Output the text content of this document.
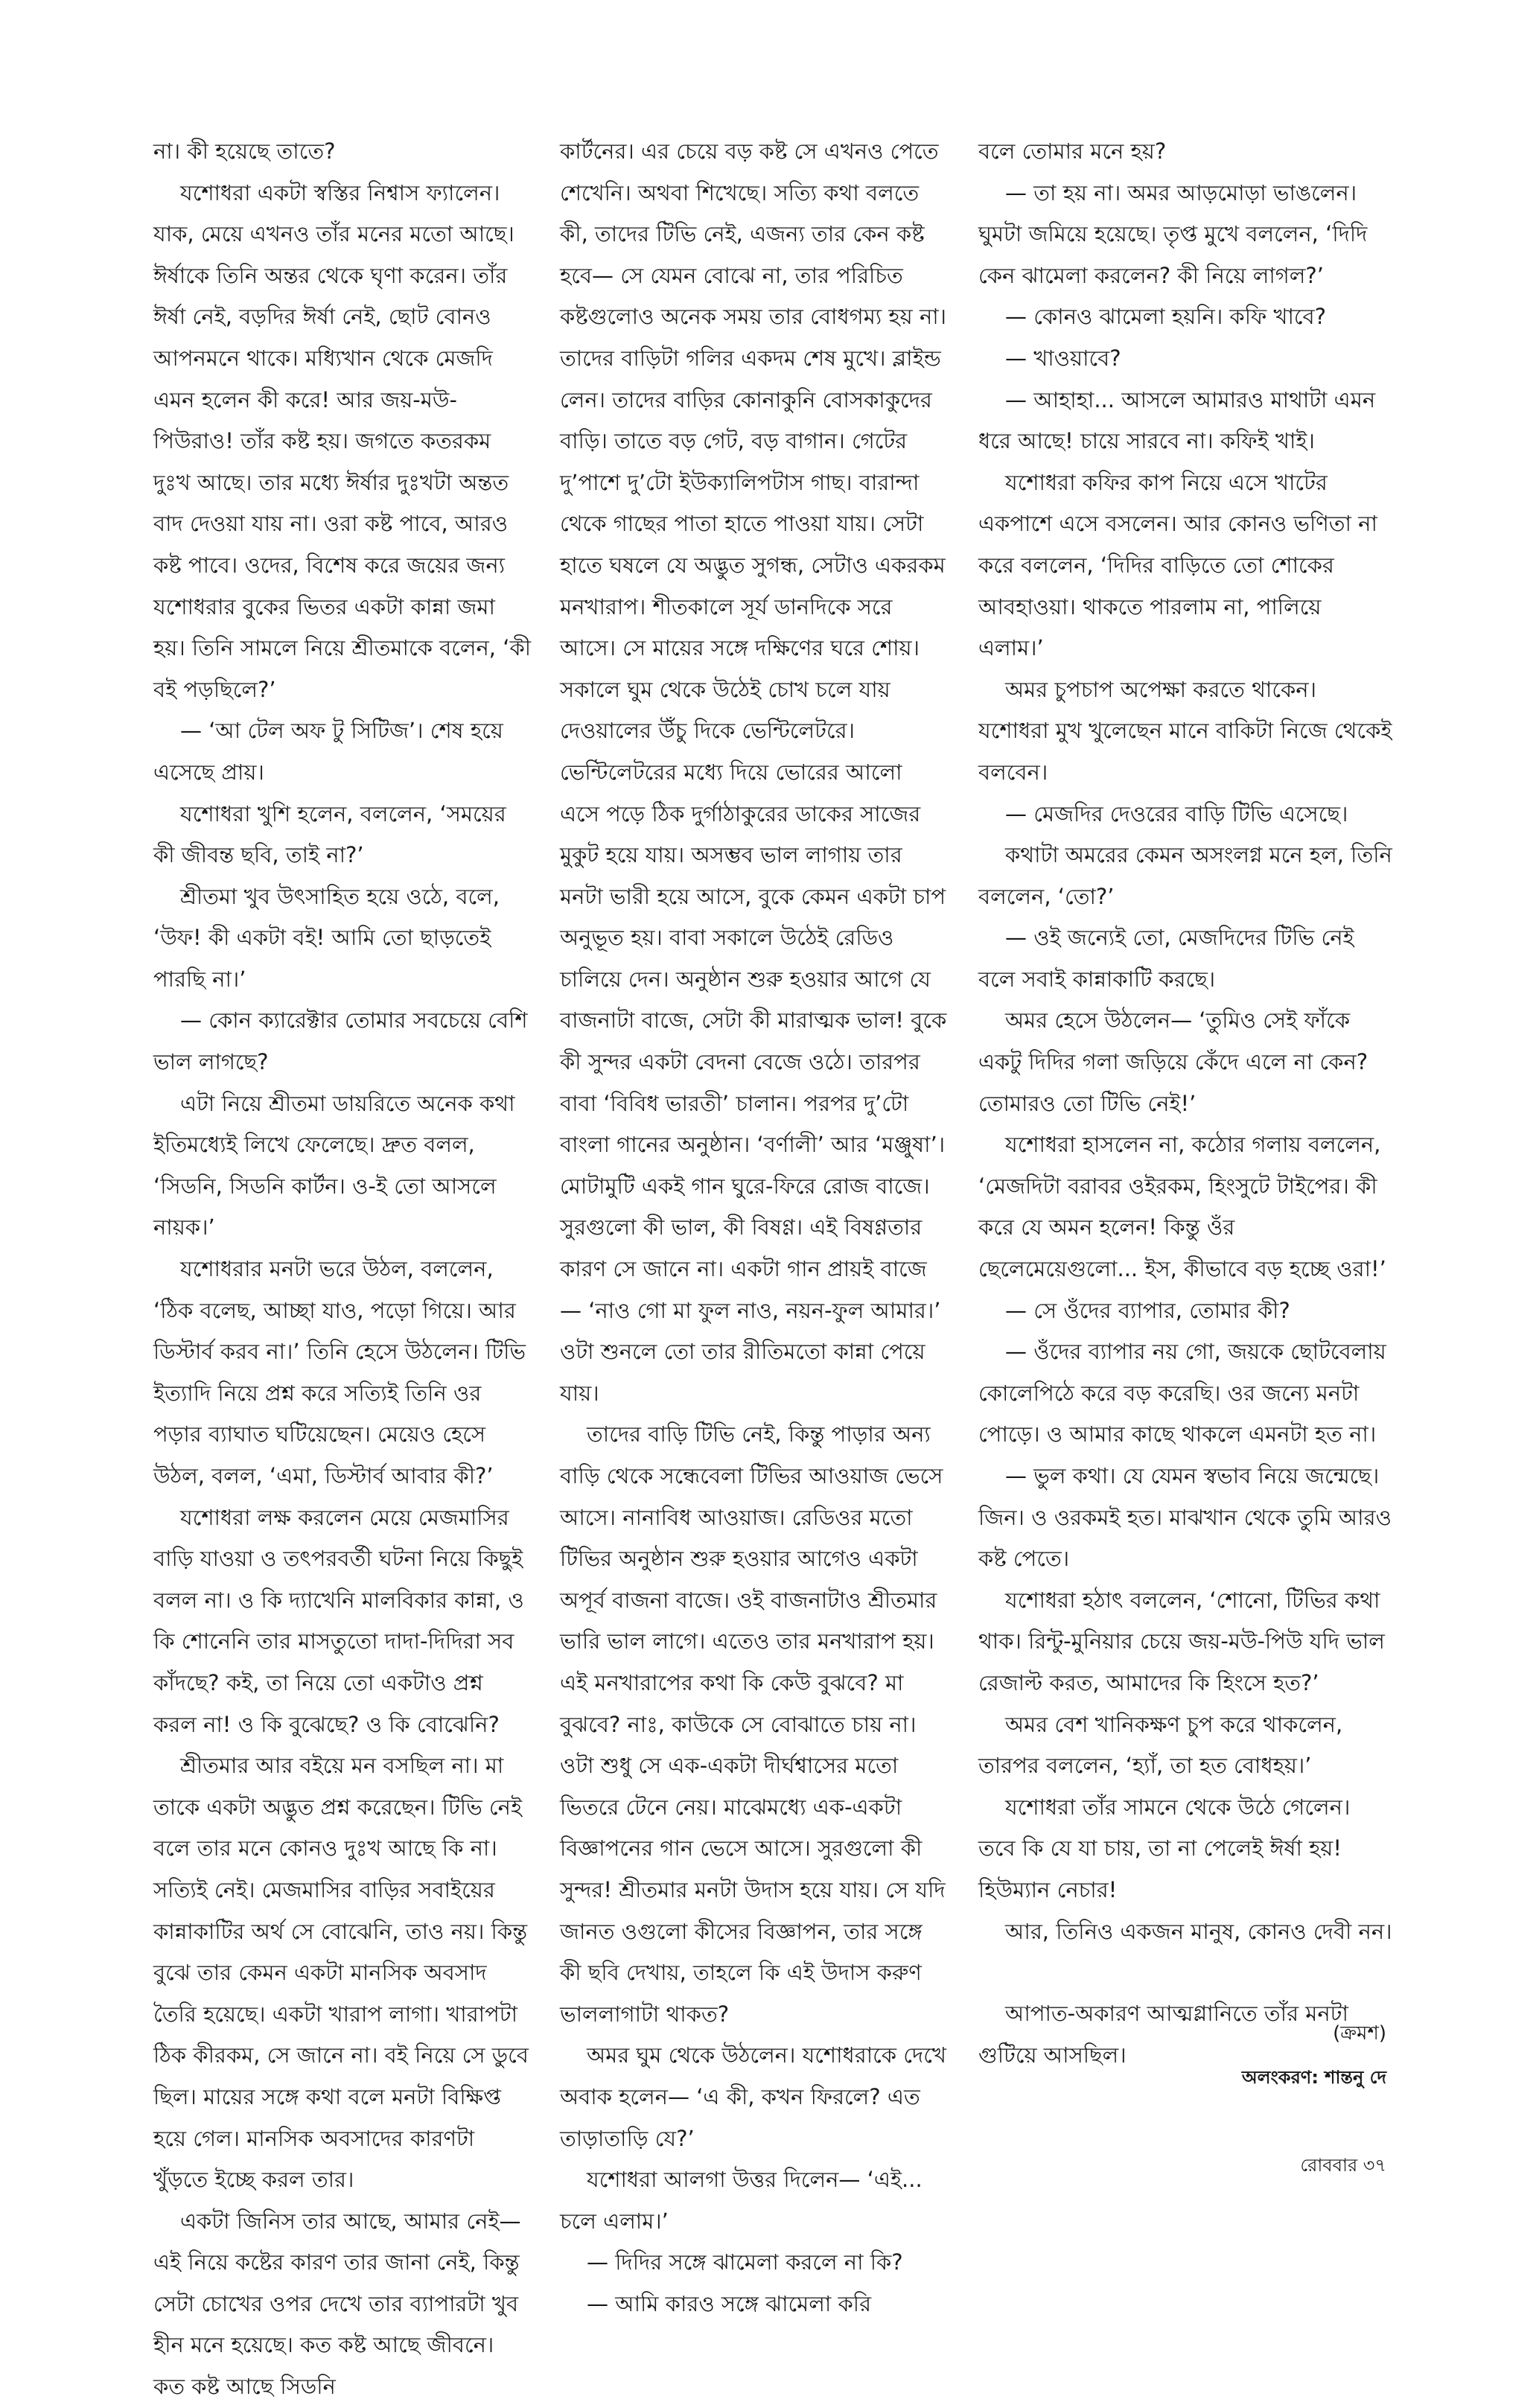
না। কী হয়েছে তাতে?

যশোধরা একটা স্বস্তির নিশ্বাস ফ্যালেন। যাক, মেয়ে এখনও তাঁর মনের মতো আছে। ঈর্ষাকে তিনি অন্তর থেকে ঘৃণা করেন। তাঁর ঈর্ষা নেই, বড়দির ঈর্ষা নেই, ছোট বোনও আপনমনে থাকে। মধ্যিখান থেকে মেজদি এমন হলেন কী করে! আর জয়-মউ-পিউরাও! তাঁর কষ্ট হয়। জগতে কতরকম দুঃখ আছে। তার মধ্যে ঈর্ষার দুঃখটা অন্তত বাদ দেওয়া যায় না। ওরা কষ্ট পাবে, আরও কষ্ট পাবে। ওদের, বিশেষ করে জয়ের জন্য যশোধরার বুকের ভিতর একটা কান্না জমা হয়। তিনি সামলে নিয়ে শ্রীতমাকে বলেন, ‘কী বই পড়ছিলে?’

— ‘আ টেল অফ টু সিটিজ’। শেষ হয়ে এসেছে প্রায়।

যশোধরা খুশি হলেন, বললেন, ‘সময়ের কী জীবন্ত ছবি, তাই না?’

শ্রীতমা খুব উৎসাহিত হয়ে ওঠে, বলে, ‘উফ! কী একটা বই! আমি তো ছাড়তেই পারছি না।’

— কোন ক্যারেক্টার তোমার সবচেয়ে বেশি ভাল লাগছে?

এটা নিয়ে শ্রীতমা ডায়রিতে অনেক কথা ইতিমধ্যেই লিখে ফেলেছে। দ্রুত বলল, ‘সিডনি, সিডনি কার্টন। ও-ই তো আসলে নায়ক।’

যশোধরার মনটা ভরে উঠল, বললেন, ‘ঠিক বলেছ, আচ্ছা যাও, পড়ো গিয়ে। আর ডিস্টার্ব করব না।’ তিনি হেসে উঠলেন। টিভি ইত্যাদি নিয়ে প্রশ্ন করে সত্যিই তিনি ওর পড়ার ব্যাঘাত ঘটিয়েছেন। মেয়েও হেসে উঠল, বলল, ‘এমা, ডিস্টার্ব আবার কী?’

যশোধরা লক্ষ করলেন মেয়ে মেজমাসির বাড়ি যাওয়া ও তৎপরবর্তী ঘটনা নিয়ে কিছুই বলল না। ও কি দ্যাখেনি মালবিকার কান্না, ও কি শোনেনি তার মাসতুতো দাদা-দিদিরা সব কাঁদছে? কই, তা নিয়ে তো একটাও প্রশ্ন করল না! ও কি বুঝেছে? ও কি বোঝেনি?

শ্রীতমার আর বইয়ে মন বসছিল না। মা তাকে একটা অদ্ভুত প্রশ্ন করেছেন। টিভি নেই বলে তার মনে কোনও দুঃখ আছে কি না। সত্যিই নেই। মেজমাসির বাড়ির সবাইয়ের কান্নাকাটির অর্থ সে বোঝেনি, তাও নয়। কিন্তু বুঝে তার কেমন একটা মানসিক অবসাদ তৈরি হয়েছে। একটা খারাপ লাগা। খারাপটা ঠিক কীরকম, সে জানে না। বই নিয়ে সে ডুবে ছিল। মায়ের সঙ্গে কথা বলে মনটা বিক্ষিপ্ত হয়ে গেল। মানসিক অবসাদের কারণটা খুঁড়তে ইচ্ছে করল তার।

একটা জিনিস তার আছে, আমার নেই— এই নিয়ে কষ্টের কারণ তার জানা নেই, কিন্তু সেটা চোখের ওপর দেখে তার ব্যাপারটা খুব হীন মনে হয়েছে। কত কষ্ট আছে জীবনে। কত কষ্ট আছে সিডনি

কার্টনের। এর চেয়ে বড় কষ্ট সে এখনও পেতে শেখেনি। অথবা শিখেছে। সত্যি কথা বলতে কী, তাদের টিভি নেই, এজন্য তার কেন কষ্ট হবে— সে যেমন বোঝে না, তার পরিচিত কষ্টগুলোও অনেক সময় তার বোধগম্য হয় না। তাদের বাড়িটা গলির একদম শেষ মুখে। ব্লাইন্ড লেন। তাদের বাড়ির কোনাকুনি বোসকাকুদের বাড়ি। তাতে বড় গেট, বড় বাগান। গেটের দু’পাশে দু’টো ইউক্যালিপটাস গাছ। বারান্দা থেকে গাছের পাতা হাতে পাওয়া যায়। সেটা হাতে ঘষলে যে অদ্ভুত সুগন্ধ, সেটাও একরকম মনখারাপ। শীতকালে সূর্য ডানদিকে সরে আসে। সে মায়ের সঙ্গে দক্ষিণের ঘরে শোয়। সকালে ঘুম থেকে উঠেই চোখ চলে যায় দেওয়ালের উঁচু দিকে ভেন্টিলেটরে। ভেন্টিলেটরের মধ্যে দিয়ে ভোরের আলো এসে পড়ে ঠিক দুর্গাঠাকুরের ডাকের সাজের মুকুট হয়ে যায়। অসম্ভব ভাল লাগায় তার মনটা ভারী হয়ে আসে, বুকে কেমন একটা চাপ অনুভূত হয়। বাবা সকালে উঠেই রেডিও চালিয়ে দেন। অনুষ্ঠান শুরু হওয়ার আগে যে বাজনাটা বাজে, সেটা কী মারাত্মক ভাল! বুকে কী সুন্দর একটা বেদনা বেজে ওঠে। তারপর বাবা ‘বিবিধ ভারতী’ চালান। পরপর দু’টো বাংলা গানের অনুষ্ঠান। ‘বর্ণালী’ আর ‘মঞ্জুষা’। মোটামুটি একই গান ঘুরে-ফিরে রোজ বাজে। সুরগুলো কী ভাল, কী বিষণ্ণ। এই বিষণ্ণতার কারণ সে জানে না। একটা গান প্রায়ই বাজে— ‘নাও গো মা ফুল নাও, নয়ন-ফুল আমার।’ ওটা শুনলে তো তার রীতিমতো কান্না পেয়ে যায়।

তাদের বাড়ি টিভি নেই, কিন্তু পাড়ার অন্য বাড়ি থেকে সন্ধেবেলা টিভির আওয়াজ ভেসে আসে। নানাবিধ আওয়াজ। রেডিওর মতো টিভির অনুষ্ঠান শুরু হওয়ার আগেও একটা অপূর্ব বাজনা বাজে। ওই বাজনাটাও শ্রীতমার ভারি ভাল লাগে। এতেও তার মনখারাপ হয়। এই মনখারাপের কথা কি কেউ বুঝবে? মা বুঝবে? নাঃ, কাউকে সে বোঝাতে চায় না। ওটা শুধু সে এক-একটা দীর্ঘশ্বাসের মতো ভিতরে টেনে নেয়। মাঝেমধ্যে এক-একটা বিজ্ঞাপনের গান ভেসে আসে। সুরগুলো কী সুন্দর! শ্রীতমার মনটা উদাস হয়ে যায়। সে যদি জানত ওগুলো কীসের বিজ্ঞাপন, তার সঙ্গে কী ছবি দেখায়, তাহলে কি এই উদাস করুণ ভাললাগাটা থাকত?

অমর ঘুম থেকে উঠলেন। যশোধরাকে দেখে অবাক হলেন— ‘এ কী, কখন ফিরলে? এত তাড়াতাড়ি যে?’

যশোধরা আলগা উত্তর দিলেন— ‘এই... চলে এলাম।’

— দিদির সঙ্গে ঝামেলা করলে না কি?

— আমি কারও সঙ্গে ঝামেলা করি

বলে তোমার মনে হয়?

— তা হয় না। অমর আড়মোড়া ভাঙলেন। ঘুমটা জমিয়ে হয়েছে। তৃপ্ত মুখে বললেন, ‘দিদি কেন ঝামেলা করলেন? কী নিয়ে লাগল?’

— কোনও ঝামেলা হয়নি। কফি খাবে?

— খাওয়াবে?

— আহাহা... আসলে আমারও মাথাটা এমন ধরে আছে! চায়ে সারবে না। কফিই খাই।

যশোধরা কফির কাপ নিয়ে এসে খাটের একপাশে এসে বসলেন। আর কোনও ভণিতা না করে বললেন, ‘দিদির বাড়িতে তো শোকের আবহাওয়া। থাকতে পারলাম না, পালিয়ে এলাম।’

অমর চুপচাপ অপেক্ষা করতে থাকেন। যশোধরা মুখ খুলেছেন মানে বাকিটা নিজে থেকেই বলবেন।

— মেজদির দেওরের বাড়ি টিভি এসেছে।

কথাটা অমরের কেমন অসংলগ্ন মনে হল, তিনি বললেন, ‘তো?’

— ওই জন্যেই তো, মেজদিদের টিভি নেই বলে সবাই কান্নাকাটি করছে।

অমর হেসে উঠলেন— ‘তুমিও সেই ফাঁকে একটু দিদির গলা জড়িয়ে কেঁদে এলে না কেন? তোমারও তো টিভি নেই!’

যশোধরা হাসলেন না, কঠোর গলায় বললেন, ‘মেজদিটা বরাবর ওইরকম, হিংসুটে টাইপের। কী করে যে অমন হলেন! কিন্তু ওঁর ছেলেমেয়েগুলো... ইস, কীভাবে বড় হচ্ছে ওরা!’

— সে ওঁদের ব্যাপার, তোমার কী?

— ওঁদের ব্যাপার নয় গো, জয়কে ছোটবেলায় কোলেপিঠে করে বড় করেছি। ওর জন্যে মনটা পোড়ে। ও আমার কাছে থাকলে এমনটা হত না।

— ভুল কথা। যে যেমন স্বভাব নিয়ে জন্মেছে। জিন। ও ওরকমই হত। মাঝখান থেকে তুমি আরও কষ্ট পেতে।

যশোধরা হঠাৎ বললেন, ‘শোনো, টিভির কথা থাক। রিন্টু-মুনিয়ার চেয়ে জয়-মউ-পিউ যদি ভাল রেজাল্ট করত, আমাদের কি হিংসে হত?’

অমর বেশ খানিকক্ষণ চুপ করে থাকলেন, তারপর বললেন, ‘হ্যাঁ, তা হত বোধহয়।’

যশোধরা তাঁর সামনে থেকে উঠে গেলেন। তবে কি যে যা চায়, তা না পেলেই ঈর্ষা হয়! হিউম্যান নেচার!

আর, তিনিও একজন মানুষ, কোনও দেবী নন।

আপাত-অকারণ আত্মগ্লানিতে তাঁর মনটা গুটিয়ে আসছিল।

(ক্রমশ)
অলংকরণ: শান্তনু দে
রোববার ৩৭
